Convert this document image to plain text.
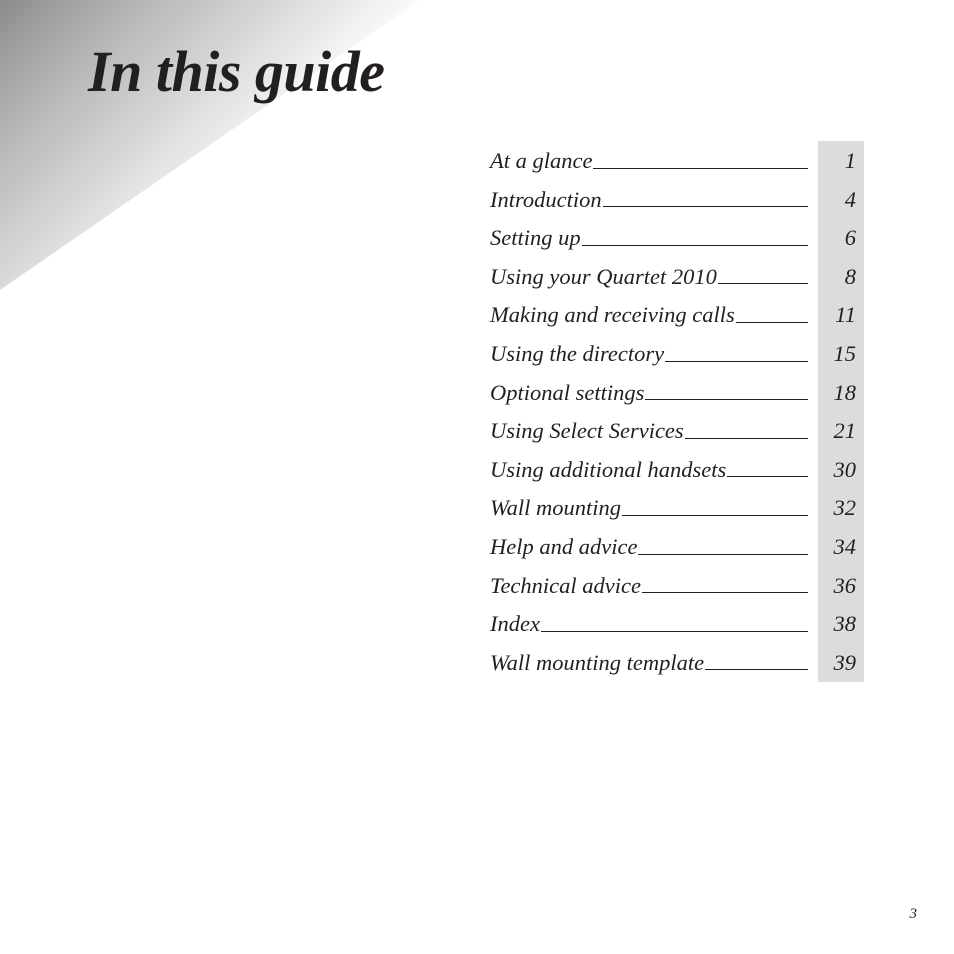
In this guide
At a glance	1
Introduction	4
Setting up	6
Using your Quartet 2010	8
Making and receiving calls	11
Using the directory	15
Optional settings	18
Using Select Services	21
Using additional handsets	30
Wall mounting	32
Help and advice	34
Technical advice	36
Index	38
Wall mounting template	39
3
